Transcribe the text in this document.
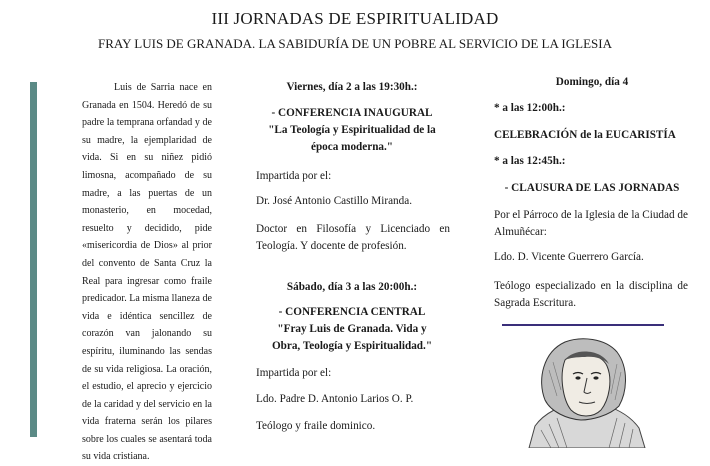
III JORNADAS DE ESPIRITUALIDAD
FRAY LUIS DE GRANADA. LA SABIDURÍA DE UN POBRE AL SERVICIO DE LA IGLESIA

Luis de Sarria nace en Granada en 1504. Heredó de su padre la temprana orfandad y de su madre, la ejemplaridad de vida. Si en su niñez pidió limosna, acompañado de su madre, a las puertas de un monasterio, en mocedad, resuelto y decidido, pide «misericordia de Dios» al prior del convento de Santa Cruz la Real para ingresar como fraile predicador. La misma llaneza de vida e idéntica sencillez de corazón van jalonando su espíritu, iluminando las sendas de su vida religiosa. La oración, el estudio, el aprecio y ejercicio de la caridad y del servicio en la vida fraterna serán los pilares sobre los cuales se asentará toda su vida cristiana.

Viernes, día 2 a las 19:30h.:

- CONFERENCIA INAUGURAL

"La Teología y Espiritualidad de la

época moderna."

Impartida por el:

Dr. José Antonio Castillo Miranda.

Doctor en Filosofía y Licenciado en Teología. Y docente de profesión.

Sábado, día 3 a las 20:00h.:

- CONFERENCIA CENTRAL

"Fray Luis de Granada. Vida y

Obra, Teología y Espiritualidad."

Impartida por el:

Ldo. Padre D. Antonio Larios O. P.

Teólogo y fraile dominico.

Domingo, día 4

* a las 12:00h.:

CELEBRACIÓN de la EUCARISTÍA

* a las 12:45h.:

- CLAUSURA DE LAS JORNADAS

Por el Párroco de la Iglesia de la Ciudad de Almuñécar:

Ldo. D. Vicente Guerrero García.

Teólogo especializado en la disciplina de Sagrada Escritura.
